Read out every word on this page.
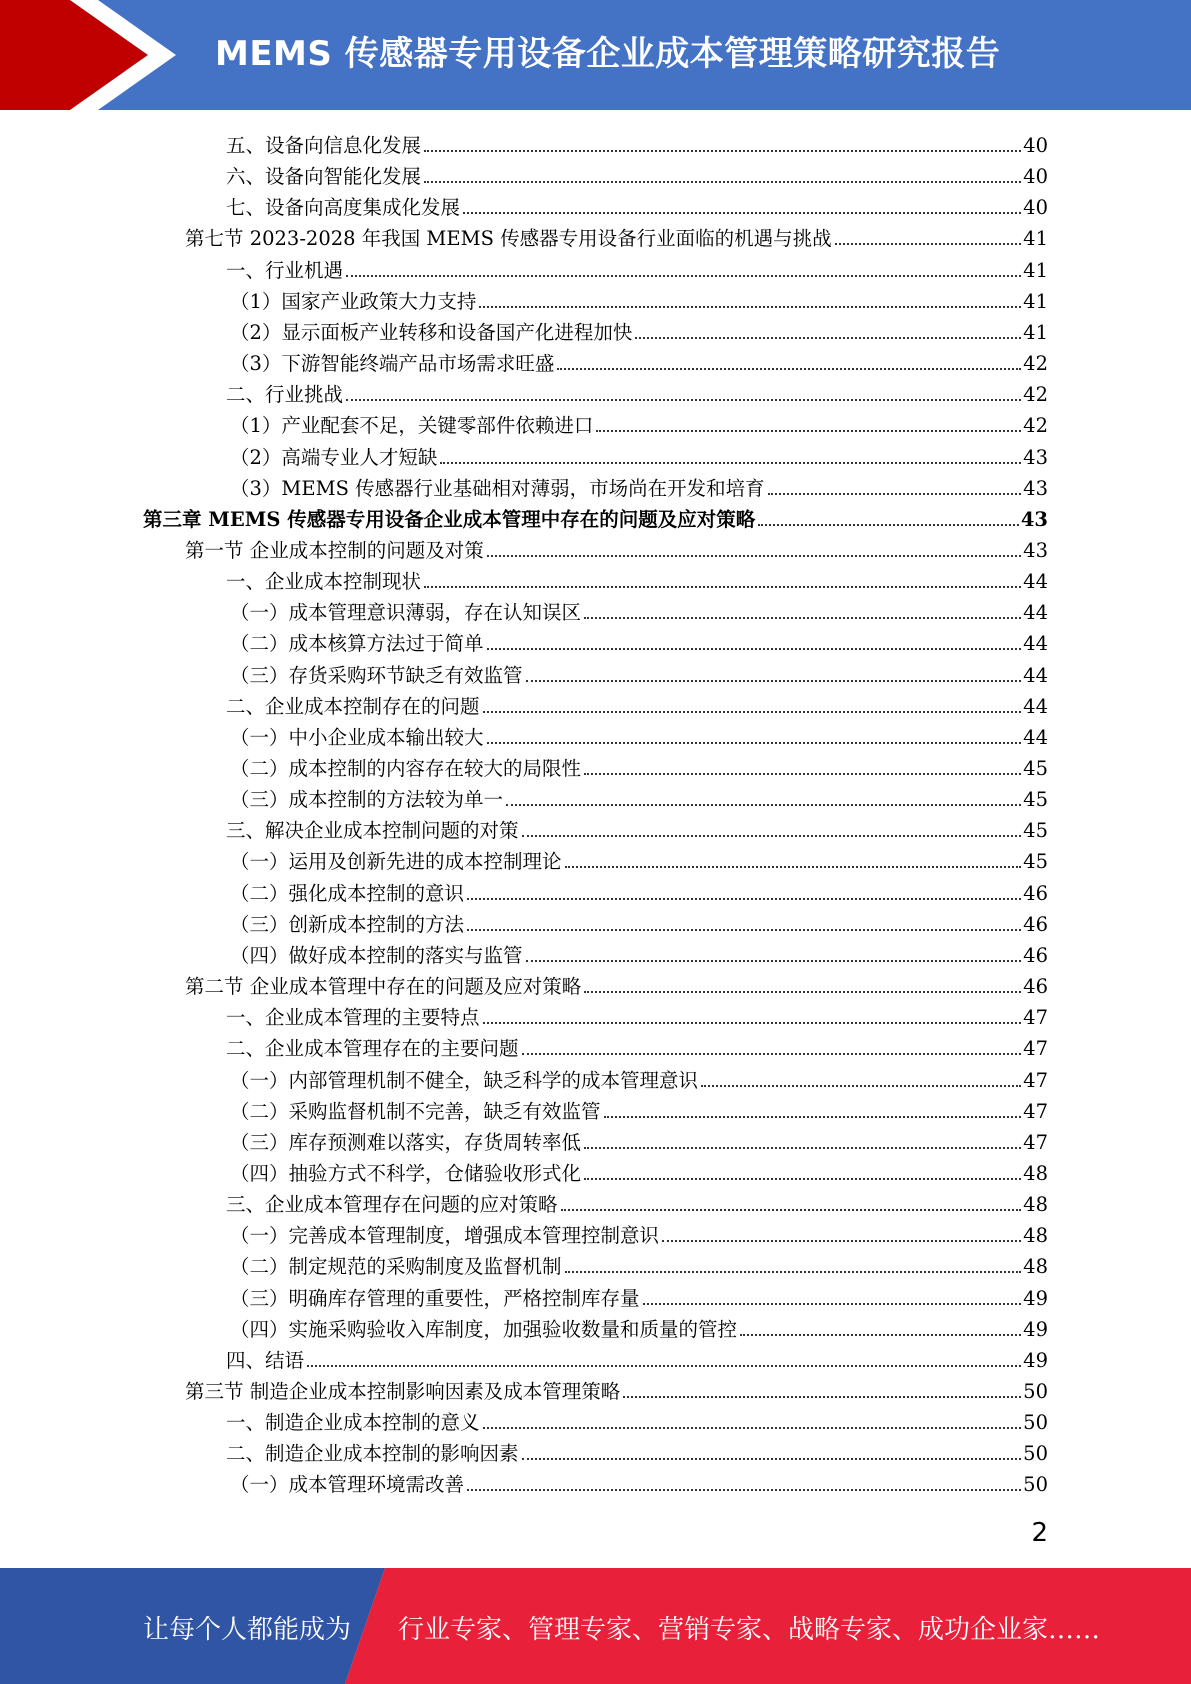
MEMS 传感器专用设备企业成本管理策略研究报告
五、设备向信息化发展	40
六、设备向智能化发展	40
七、设备向高度集成化发展	40
第七节 2023-2028 年我国 MEMS 传感器专用设备行业面临的机遇与挑战	41
一、行业机遇	41
（1）国家产业政策大力支持	41
（2）显示面板产业转移和设备国产化进程加快	41
（3）下游智能终端产品市场需求旺盛	42
二、行业挑战	42
（1）产业配套不足，关键零部件依赖进口	42
（2）高端专业人才短缺	43
（3）MEMS 传感器行业基础相对薄弱，市场尚在开发和培育	43
第三章 MEMS 传感器专用设备企业成本管理中存在的问题及应对策略	43
第一节 企业成本控制的问题及对策	43
一、企业成本控制现状	44
（一）成本管理意识薄弱，存在认知误区	44
（二）成本核算方法过于简单	44
（三）存货采购环节缺乏有效监管	44
二、企业成本控制存在的问题	44
（一）中小企业成本输出较大	44
（二）成本控制的内容存在较大的局限性	45
（三）成本控制的方法较为单一	45
三、解决企业成本控制问题的对策	45
（一）运用及创新先进的成本控制理论	45
（二）强化成本控制的意识	46
（三）创新成本控制的方法	46
（四）做好成本控制的落实与监管	46
第二节 企业成本管理中存在的问题及应对策略	46
一、企业成本管理的主要特点	47
二、企业成本管理存在的主要问题	47
（一）内部管理机制不健全，缺乏科学的成本管理意识	47
（二）采购监督机制不完善，缺乏有效监管	47
（三）库存预测难以落实，存货周转率低	47
（四）抽验方式不科学，仓储验收形式化	48
三、企业成本管理存在问题的应对策略	48
（一）完善成本管理制度，增强成本管理控制意识	48
（二）制定规范的采购制度及监督机制	48
（三）明确库存管理的重要性，严格控制库存量	49
（四）实施采购验收入库制度，加强验收数量和质量的管控	49
四、结语	49
第三节 制造企业成本控制影响因素及成本管理策略	50
一、制造企业成本控制的意义	50
二、制造企业成本控制的影响因素	50
（一）成本管理环境需改善	50
2
让每个人都能成为 行业专家、管理专家、营销专家、战略专家、成功企业家……
